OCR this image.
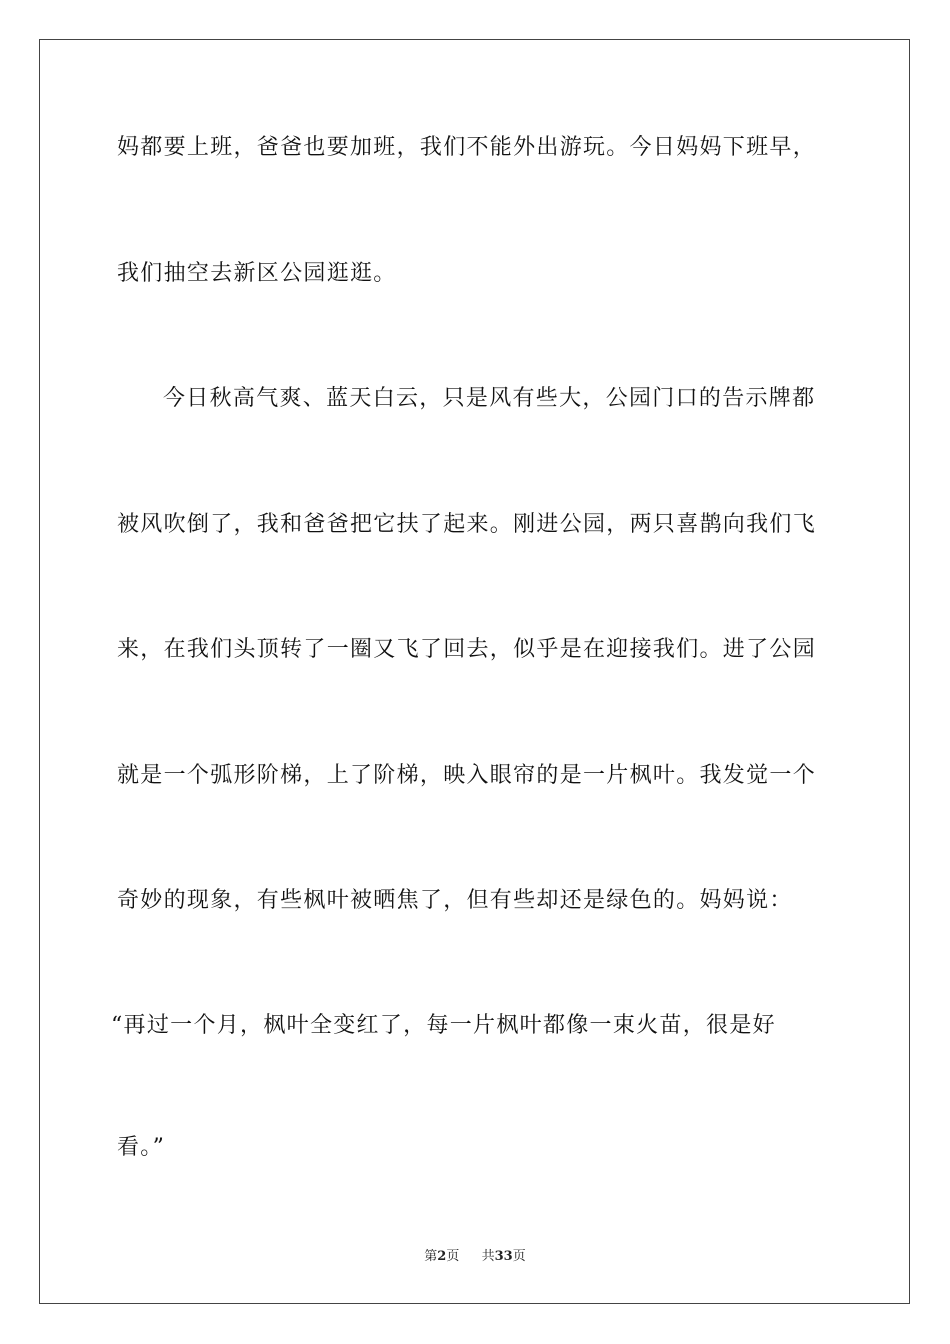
妈都要上班，爸爸也要加班，我们不能外出游玩。今日妈妈下班早，
我们抽空去新区公园逛逛。
今日秋高气爽、蓝天白云，只是风有些大，公园门口的告示牌都
被风吹倒了，我和爸爸把它扶了起来。刚进公园，两只喜鹊向我们飞
来，在我们头顶转了一圈又飞了回去，似乎是在迎接我们。进了公园
就是一个弧形阶梯，上了阶梯，映入眼帘的是一片枫叶。我发觉一个
奇妙的现象，有些枫叶被晒焦了，但有些却还是绿色的。妈妈说：
“再过一个月，枫叶全变红了，每一片枫叶都像一束火苗，很是好
看。”
第2页 共33页
